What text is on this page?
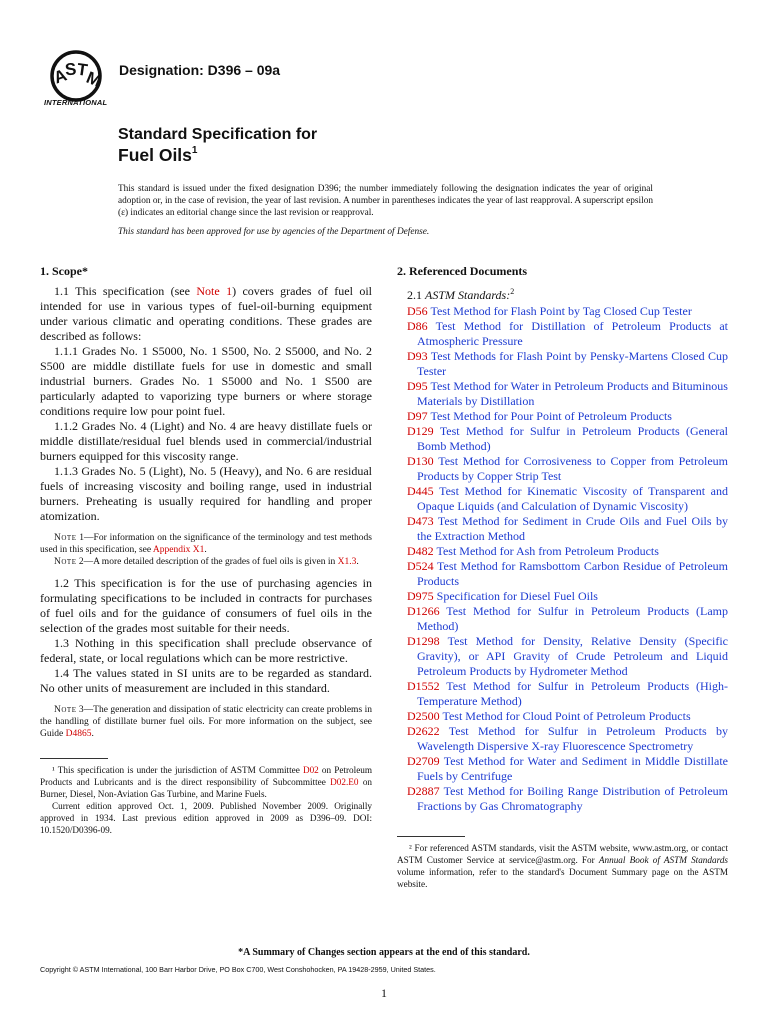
A
S
T
M
INTERNATIONAL
Designation: D396 – 09a
Standard Specification for
Fuel Oils$^1$
This standard is issued under the fixed designation D396; the number immediately following the designation indicates the year of original adoption or, in the case of revision, the year of last revision. A number in parentheses indicates the year of last reapproval. A superscript epsilon (ε) indicates an editorial change since the last revision or reapproval.
This standard has been approved for use by agencies of the Department of Defense.
1. Scope*

1.1 This specification (see Note 1) covers grades of fuel oil intended for use in various types of fuel-oil-burning equipment under various climatic and operating conditions. These grades are described as follows:

1.1.1 Grades No. 1 S5000, No. 1 S500, No. 2 S5000, and No. 2 S500 are middle distillate fuels for use in domestic and small industrial burners. Grades No. 1 S5000 and No. 1 S500 are particularly adapted to vaporizing type burners or where storage conditions require low pour point fuel.

1.1.2 Grades No. 4 (Light) and No. 4 are heavy distillate fuels or middle distillate/residual fuel blends used in commercial/industrial burners equipped for this viscosity range.

1.1.3 Grades No. 5 (Light), No. 5 (Heavy), and No. 6 are residual fuels of increasing viscosity and boiling range, used in industrial burners. Preheating is usually required for handling and proper atomization.

Note 1—For information on the significance of the terminology and test methods used in this specification, see Appendix X1.

Note 2—A more detailed description of the grades of fuel oils is given in X1.3.

1.2 This specification is for the use of purchasing agencies in formulating specifications to be included in contracts for purchases of fuel oils and for the guidance of consumers of fuel oils in the selection of the grades most suitable for their needs.

1.3 Nothing in this specification shall preclude observance of federal, state, or local regulations which can be more restrictive.

1.4 The values stated in SI units are to be regarded as standard. No other units of measurement are included in this standard.

Note 3—The generation and dissipation of static electricity can create problems in the handling of distillate burner fuel oils. For more information on the subject, see Guide D4865.

¹ This specification is under the jurisdiction of ASTM Committee D02 on Petroleum Products and Lubricants and is the direct responsibility of Subcommittee D02.E0 on Burner, Diesel, Non-Aviation Gas Turbine, and Marine Fuels.

Current edition approved Oct. 1, 2009. Published November 2009. Originally approved in 1934. Last previous edition approved in 2009 as D396–09. DOI: 10.1520/D0396-09.

2. Referenced Documents
2.1 ASTM Standards:$^2$

D56 Test Method for Flash Point by Tag Closed Cup Tester

D86 Test Method for Distillation of Petroleum Products at Atmospheric Pressure

D93 Test Methods for Flash Point by Pensky-Martens Closed Cup Tester

D95 Test Method for Water in Petroleum Products and Bituminous Materials by Distillation

D97 Test Method for Pour Point of Petroleum Products

D129 Test Method for Sulfur in Petroleum Products (General Bomb Method)

D130 Test Method for Corrosiveness to Copper from Petroleum Products by Copper Strip Test

D445 Test Method for Kinematic Viscosity of Transparent and Opaque Liquids (and Calculation of Dynamic Viscosity)

D473 Test Method for Sediment in Crude Oils and Fuel Oils by the Extraction Method

D482 Test Method for Ash from Petroleum Products

D524 Test Method for Ramsbottom Carbon Residue of Petroleum Products

D975 Specification for Diesel Fuel Oils

D1266 Test Method for Sulfur in Petroleum Products (Lamp Method)

D1298 Test Method for Density, Relative Density (Specific Gravity), or API Gravity of Crude Petroleum and Liquid Petroleum Products by Hydrometer Method

D1552 Test Method for Sulfur in Petroleum Products (High-Temperature Method)

D2500 Test Method for Cloud Point of Petroleum Products

D2622 Test Method for Sulfur in Petroleum Products by Wavelength Dispersive X-ray Fluorescence Spectrometry

D2709 Test Method for Water and Sediment in Middle Distillate Fuels by Centrifuge

D2887 Test Method for Boiling Range Distribution of Petroleum Fractions by Gas Chromatography

² For referenced ASTM standards, visit the ASTM website, www.astm.org, or contact ASTM Customer Service at service@astm.org. For Annual Book of ASTM Standards volume information, refer to the standard's Document Summary page on the ASTM website.

*A Summary of Changes section appears at the end of this standard.
Copyright © ASTM International, 100 Barr Harbor Drive, PO Box C700, West Conshohocken, PA 19428-2959, United States.
1
